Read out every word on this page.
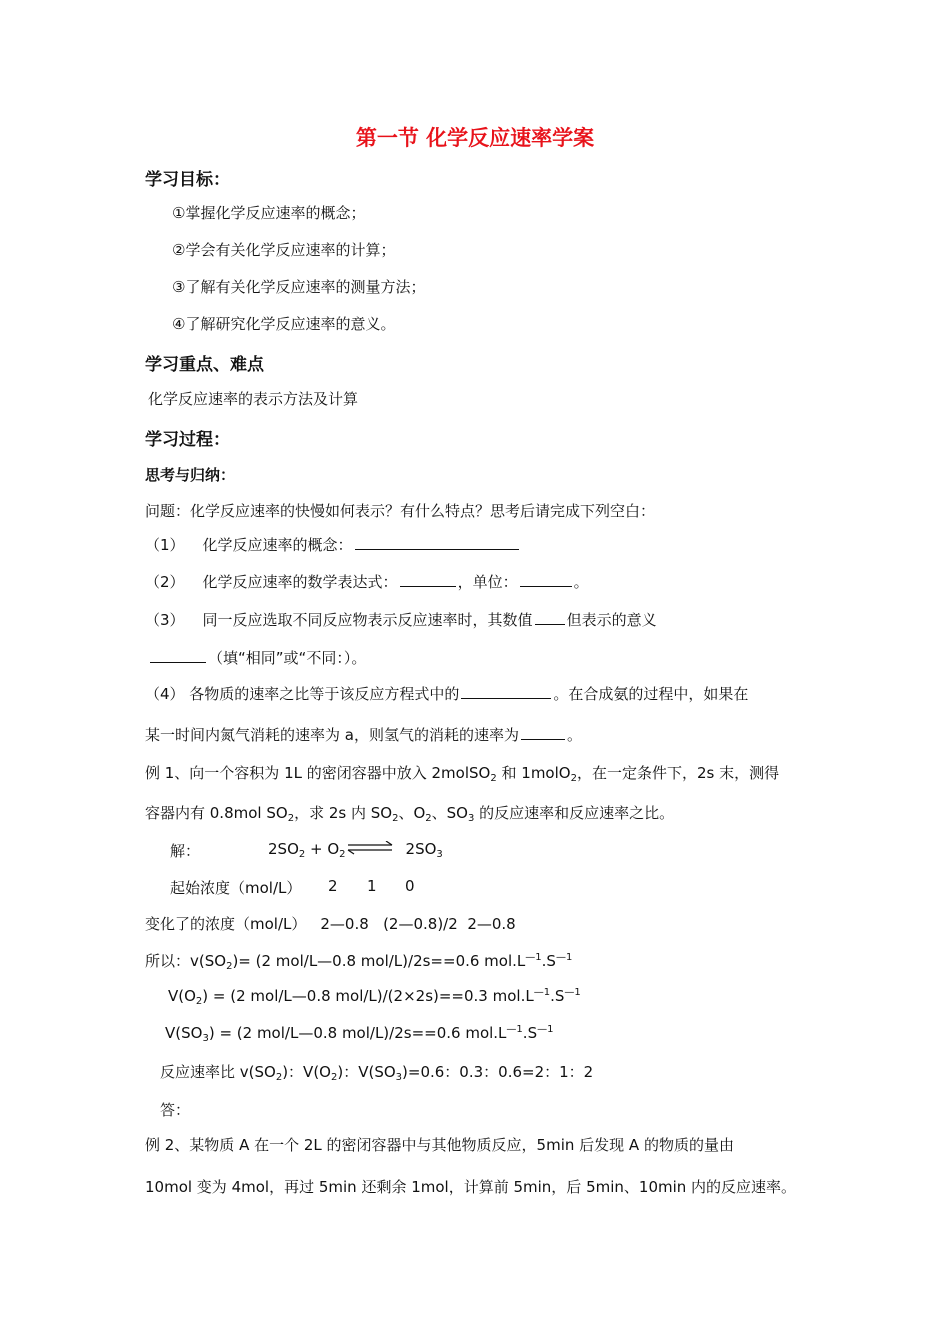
第一节 化学反应速率学案
学习目标：
①掌握化学反应速率的概念；
②学会有关化学反应速率的计算；
③了解有关化学反应速率的测量方法；
④了解研究化学反应速率的意义。
学习重点、难点
化学反应速率的表示方法及计算
学习过程：
思考与归纳：
问题：化学反应速率的快慢如何表示？有什么特点？思考后请完成下列空白：
（1） 化学反应速率的概念：
（2） 化学反应速率的数学表达式：	，单位：	。
（3） 同一反应选取不同反应物表示反应速率时，其数值 但表示的意义
（填“相同”或“不同：）。
（4） 各物质的速率之比等于该反应方程式中的	。在合成氨的过程中，如果在
某一时间内氮气消耗的速率为 a，则氢气的消耗的速率为	。
例 1、向一个容积为 1L 的密闭容器中放入 2molSO$_2$ 和 1molO$_2$，在一定条件下，2s 末，测得
容器内有 0.8mol $SO_2$，求 2s 内 $SO_2$、$O_2$、$SO_3$ 的反应速率和反应速率之比。
解：	$2SO_2$ + $O_2\rightleftharpoons$ $2SO_3$
起始浓度（mol/L） 2 1 0
变化了的浓度（mol/L） 2—0.8   (2—0.8)/2  2—0.8
所以：$v(SO_2)= (2$ mol/L—0.8 mol/L)/2s==0.6 $mol.L^{—1}.S^{—1}$
$V(O_2) = (2$ mol/L—0.8 mol/L)/(2×2s)==0.3 $mol.L^{—1}.S^{—1}$
$V(SO_3) = (2$ mol/L—0.8 mol/L)/2s==0.6 $mol.L^{—1}.S^{—1}$
反应速率比 $v(SO_2)$：$V(O_2)$：$V(SO_3)=0.6$：0.3：0.6=2：1：2
答：
例 2、某物质 A 在一个 2L 的密闭容器中与其他物质反应，5min 后发现 A 的物质的量由
10mol 变为 4mol，再过 5min 还剩余 1mol，计算前 5min，后 5min、10min 内的反应速率。
